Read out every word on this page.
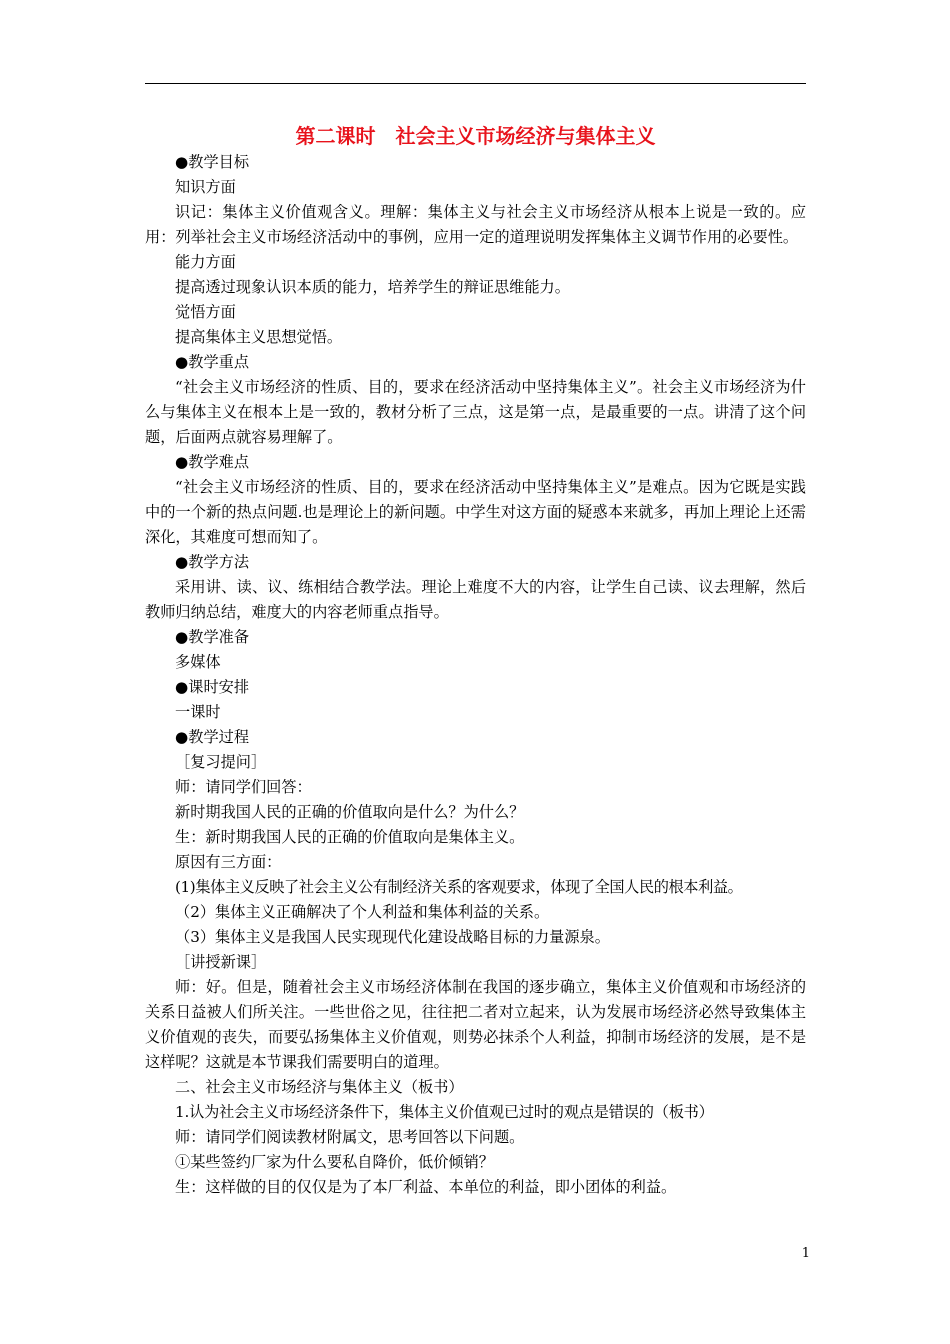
第二课时　社会主义市场经济与集体主义

●教学目标

知识方面

识记：集体主义价值观含义。理解：集体主义与社会主义市场经济从根本上说是一致的。应用：列举社会主义市场经济活动中的事例，应用一定的道理说明发挥集体主义调节作用的必要性。

能力方面

提高透过现象认识本质的能力，培养学生的辩证思维能力。

觉悟方面

提高集体主义思想觉悟。

●教学重点

“社会主义市场经济的性质、目的，要求在经济活动中坚持集体主义”。社会主义市场经济为什么与集体主义在根本上是一致的，教材分析了三点，这是第一点，是最重要的一点。讲清了这个问题，后面两点就容易理解了。

●教学难点

“社会主义市场经济的性质、目的，要求在经济活动中坚持集体主义”是难点。因为它既是实践中的一个新的热点问题.也是理论上的新问题。中学生对这方面的疑惑本来就多，再加上理论上还需深化，其难度可想而知了。

●教学方法

采用讲、读、议、练相结合教学法。理论上难度不大的内容，让学生自己读、议去理解，然后教师归纳总结，难度大的内容老师重点指导。

●教学准备

多媒体

●课时安排

一课时

●教学过程

［复习提问］

师：请同学们回答：

新时期我国人民的正确的价值取向是什么？为什么？

生：新时期我国人民的正确的价值取向是集体主义。

原因有三方面：

(1)集体主义反映了社会主义公有制经济关系的客观要求，体现了全国人民的根本利益。

（2）集体主义正确解决了个人利益和集体利益的关系。

（3）集体主义是我国人民实现现代化建设战略目标的力量源泉。

［讲授新课］

师：好。但是，随着社会主义市场经济体制在我国的逐步确立，集体主义价值观和市场经济的关系日益被人们所关注。一些世俗之见，往往把二者对立起来，认为发展市场经济必然导致集体主义价值观的丧失，而要弘扬集体主义价值观，则势必抹杀个人利益，抑制市场经济的发展，是不是这样呢？这就是本节课我们需要明白的道理。

二、社会主义市场经济与集体主义（板书）

1.认为社会主义市场经济条件下，集体主义价值观已过时的观点是错误的（板书）

师：请同学们阅读教材附属文，思考回答以下问题。

①某些签约厂家为什么要私自降价，低价倾销？

生：这样做的目的仅仅是为了本厂利益、本单位的利益，即小团体的利益。

1
